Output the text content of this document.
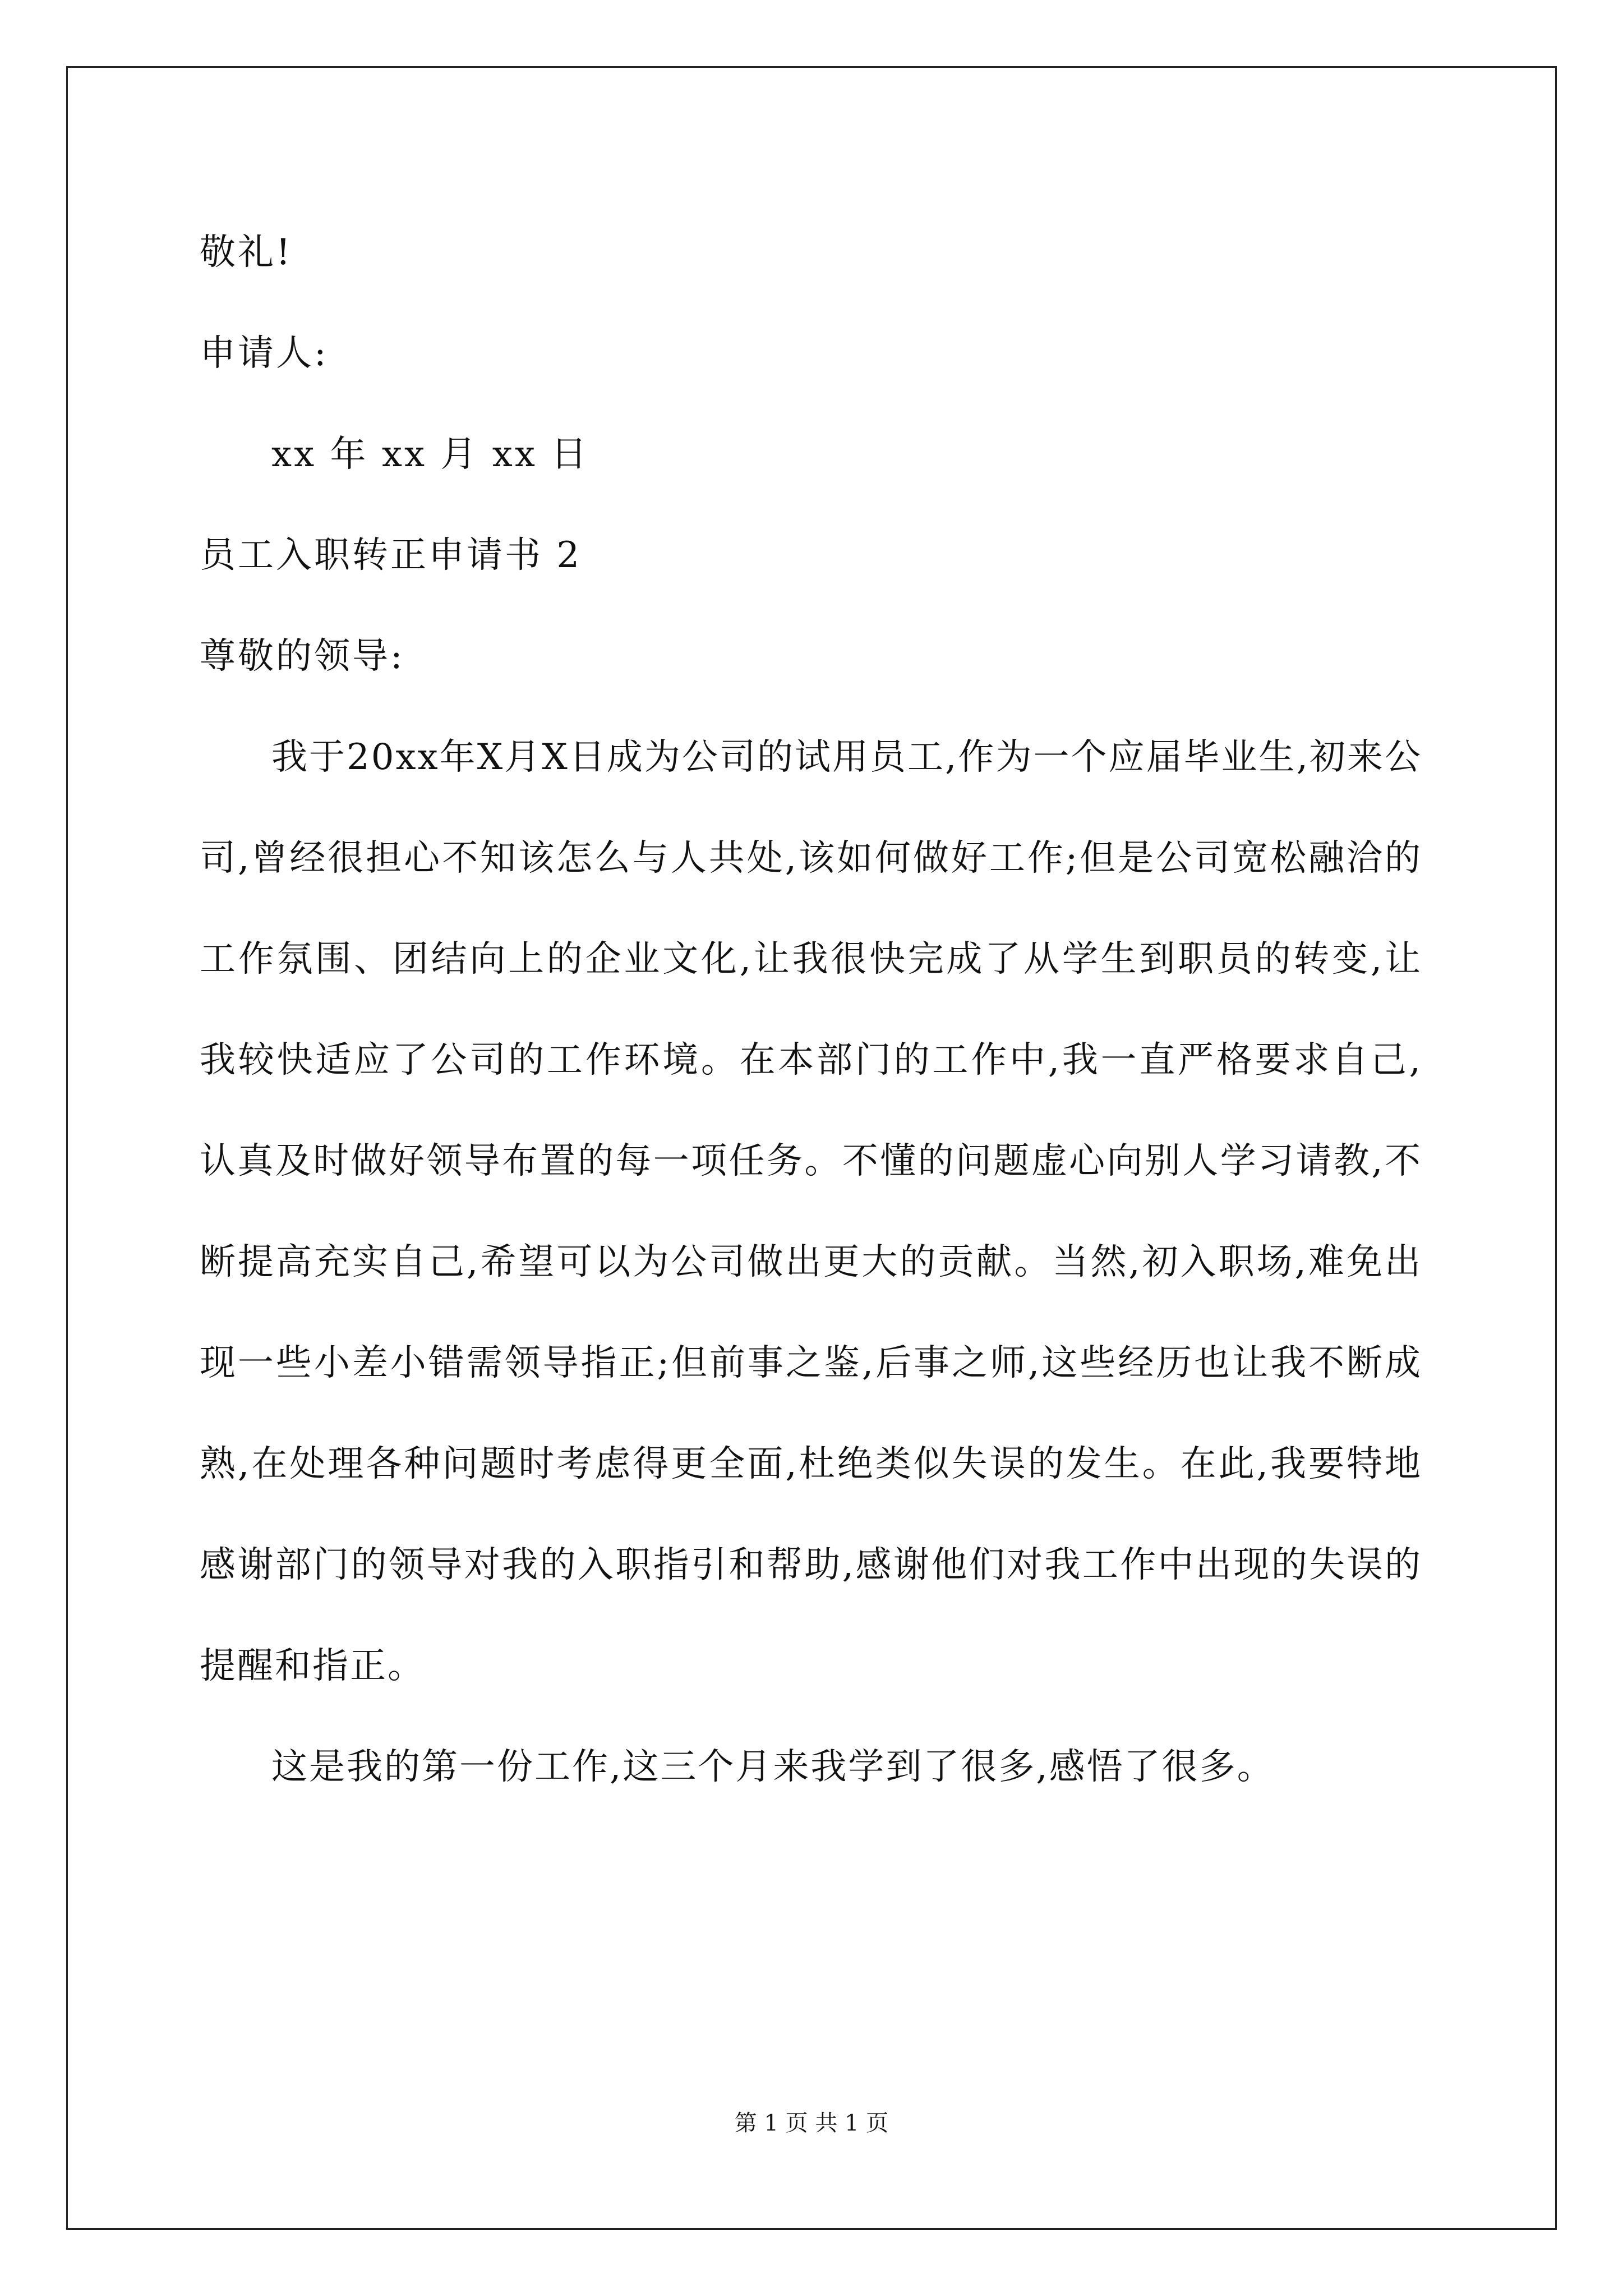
敬礼!
申请人:
xx 年 xx 月 xx 日
员工入职转正申请书 2
尊敬的领导:

我于20xx年X月X日成为公司的试用员工,作为一个应届毕业生,初来公司,曾经很担心不知该怎么与人共处,该如何做好工作;但是公司宽松融洽的工作氛围、团结向上的企业文化,让我很快完成了从学生到职员的转变,让我较快适应了公司的工作环境。在本部门的工作中,我一直严格要求自己,认真及时做好领导布置的每一项任务。不懂的问题虚心向别人学习请教,不断提高充实自己,希望可以为公司做出更大的贡献。当然,初入职场,难免出现一些小差小错需领导指正;但前事之鉴,后事之师,这些经历也让我不断成熟,在处理各种问题时考虑得更全面,杜绝类似失误的发生。在此,我要特地感谢部门的领导对我的入职指引和帮助,感谢他们对我工作中出现的失误的提醒和指正。

这是我的第一份工作,这三个月来我学到了很多,感悟了很多。

第 1 页 共 1 页
